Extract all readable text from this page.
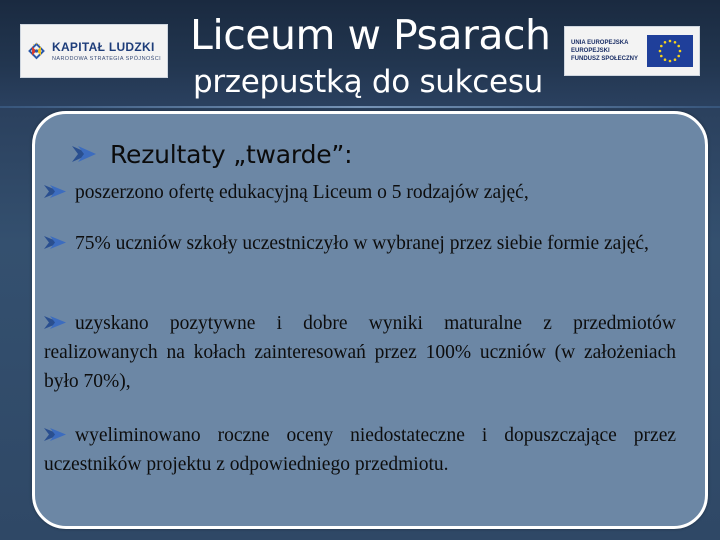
KAPITAŁ LUDZKI
NARODOWA STRATEGIA SPÓJNOŚCI Liceum w Psarach
przepustką do sukcesu
UNIA EUROPEJSKA
EUROPEJSKI
FUNDUSZ SPOŁECZNY
Rezultaty „twarde”:
poszerzono ofertę edukacyjną Liceum o 5 rodzajów zajęć,
75% uczniów szkoły uczestniczyło w wybranej przez siebie formie zajęć,
uzyskano pozytywne i dobre wyniki maturalne z przedmiotów realizowanych na kołach zainteresowań przez 100% uczniów (w założeniach było 70%),
wyeliminowano roczne oceny niedostateczne i dopuszczające przez uczestników projektu z odpowiedniego przedmiotu.
